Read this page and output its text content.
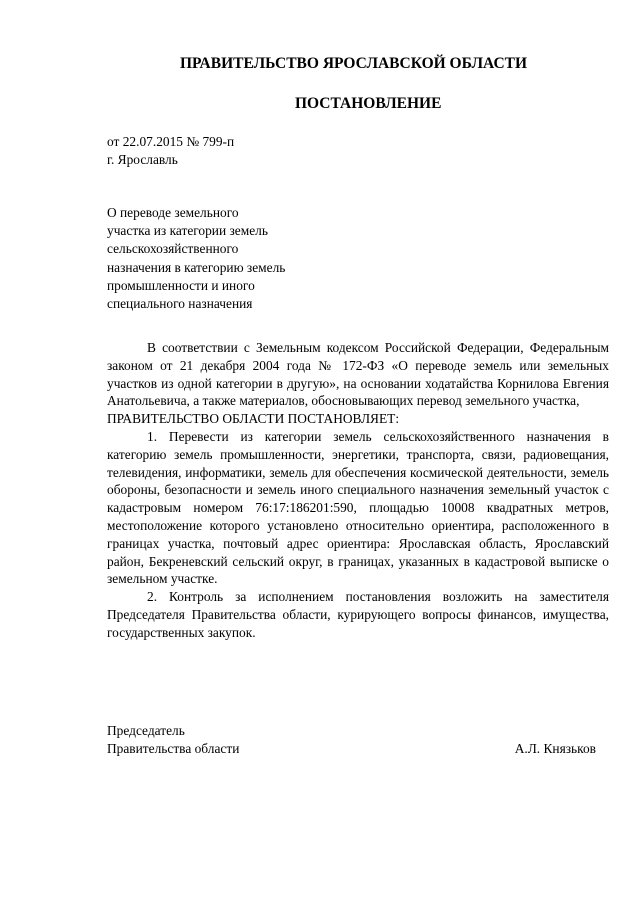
ПРАВИТЕЛЬСТВО ЯРОСЛАВСКОЙ ОБЛАСТИ
ПОСТАНОВЛЕНИЕ
от 22.07.2015 № 799-п
г. Ярославль
О переводе земельного
участка из категории земель
сельскохозяйственного
назначения в категорию земель
промышленности и иного
специального назначения

В соответствии с Земельным кодексом Российской Федерации, Федеральным законом от 21 декабря 2004 года № 172-ФЗ «О переводе земель или земельных участков из одной категории в другую», на основании ходатайства Корнилова Евгения Анатольевича, а также материалов, обосновывающих перевод земельного участка,

ПРАВИТЕЛЬСТВО ОБЛАСТИ ПОСТАНОВЛЯЕТ:

1. Перевести из категории земель сельскохозяйственного назначения в категорию земель промышленности, энергетики, транспорта, связи, радиовещания, телевидения, информатики, земель для обеспечения космической деятельности, земель обороны, безопасности и земель иного специального назначения земельный участок с кадастровым номером 76:17:186201:590, площадью 10008 квадратных метров, местоположение которого установлено относительно ориентира, расположенного в границах участка, почтовый адрес ориентира: Ярославская область, Ярославский район, Бекреневский сельский округ, в границах, указанных в кадастровой выписке о земельном участке.

2. Контроль за исполнением постановления возложить на заместителя Председателя Правительства области, курирующего вопросы финансов, имущества, государственных закупок.

Председатель
Правительства области	А.Л. Князьков
